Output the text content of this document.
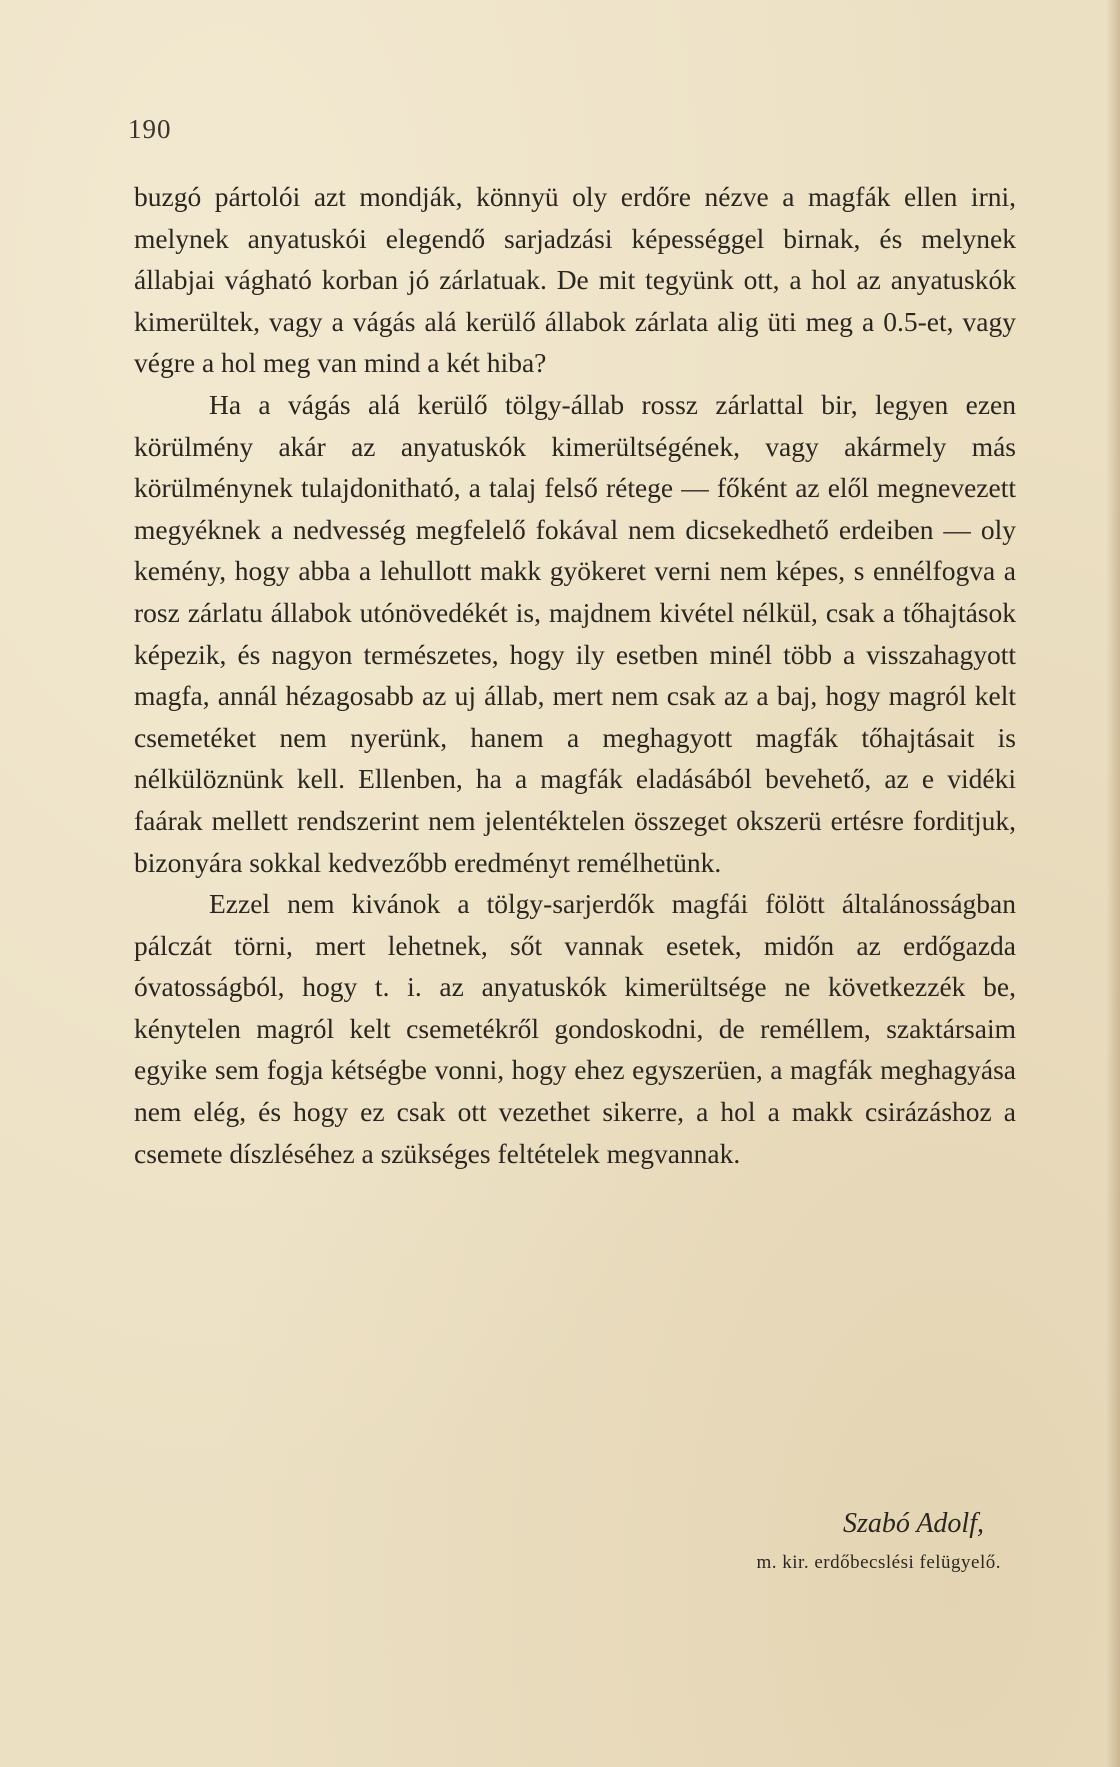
190

buzgó pártolói azt mondják, könnyü oly erdőre nézve a magfák ellen irni, melynek anyatuskói elegendő sarjadzási képességgel birnak, és melynek állabjai vágható korban jó zárlatuak. De mit tegyünk ott, a hol az anyatuskók kimerültek, vagy a vágás alá kerülő állabok zárlata alig üti meg a 0.5-et, vagy végre a hol meg van mind a két hiba?

Ha a vágás alá kerülő tölgy-állab rossz zárlattal bir, legyen ezen körülmény akár az anyatuskók kimerültségének, vagy akármely más körülménynek tulajdonitható, a talaj felső rétege — főként az elől megnevezett megyéknek a nedvesség megfelelő fokával nem dicsekedhető erdeiben — oly kemény, hogy abba a lehullott makk gyökeret verni nem képes, s ennélfogva a rosz zárlatu állabok utónövedékét is, majdnem kivétel nélkül, csak a tőhajtások képezik, és nagyon természetes, hogy ily esetben minél több a visszahagyott magfa, annál hézagosabb az uj állab, mert nem csak az a baj, hogy magról kelt csemetéket nem nyerünk, hanem a meghagyott magfák tőhajtásait is nélkülöznünk kell. Ellenben, ha a magfák eladásából bevehető, az e vidéki faárak mellett rendszerint nem jelentéktelen összeget okszerü ertésre forditjuk, bizonyára sokkal kedvezőbb eredményt remélhetünk.

Ezzel nem kivánok a tölgy-sarjerdők magfái fölött általánosságban pálczát törni, mert lehetnek, sőt vannak esetek, midőn az erdőgazda óvatosságból, hogy t. i. az anyatuskók kimerültsége ne következzék be, kénytelen magról kelt csemetékről gondoskodni, de reméllem, szaktársaim egyike sem fogja kétségbe vonni, hogy ehez egyszerüen, a magfák meghagyása nem elég, és hogy ez csak ott vezethet sikerre, a hol a makk csirázáshoz a csemete díszléséhez a szükséges feltételek megvannak.

Szabó Adolf,
m. kir. erdőbecslési felügyelő.
